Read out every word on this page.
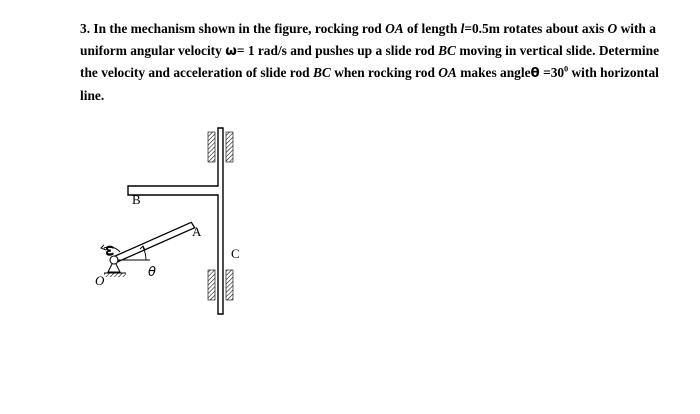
3. In the mechanism shown in the figure, rocking rod OA of length l=0.5m rotates about axis O with a uniform angular velocity ω= 1 rad/s and pushes up a slide rod BC moving in vertical slide. Determine the velocity and acceleration of slide rod BC when rocking rod OA makes angleθ $=30^0$ with horizontal line.

B
A
C
O
ω
θ
